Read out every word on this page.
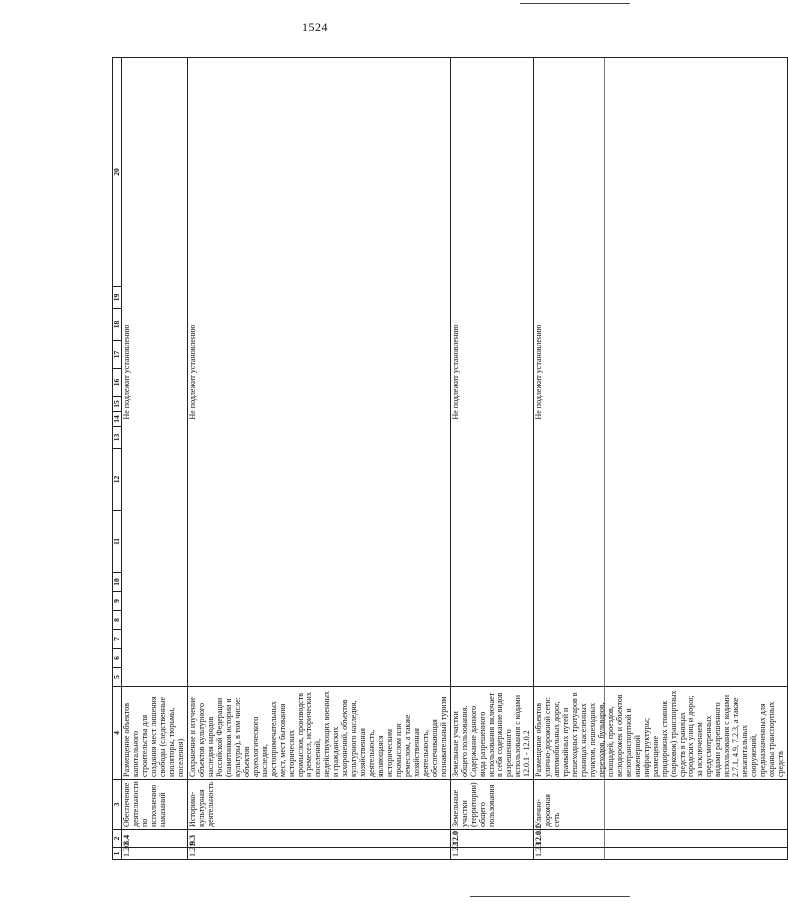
1524
1	2	3	4	5	6	7	8	9	10	11	12	13	14	15	16	17	18	19	20
1.20	8.4	Обеспечение деятельности по исполнению наказаний	Размещение объектов капитального строительства для создания мест лишения свободы (следственные изоляторы, тюрьмы, поселения)	Не подлежит установлению															

1.21	9.3	Историко-культурная деятельность	Сохранение и изучение объектов культурного наследия народов Российской Федерации (памятников истории и культуры), в том числе: объектов археологического наследия, достопримечательных мест, мест бытования исторических промыслов, производств и ремесел, исторических поселений, недействующих военных и гражданских захоронений, объектов культурного наследия, хозяйственная деятельность, являющаяся историческим промыслом или ремеслом, а также хозяйственная деятельность, обеспечивающая познавательный туризм	Не подлежит установлению															

1.22	12.0	Земельные участки (территории) общего пользования	Земельные участки общего пользования. Содержание данного вида разрешенного использования включает в себя содержание видов разрешенного использования с кодами 12.0.1 - 12.0.2	Не подлежит установлению															

1.23	12.0.1	Улично-дорожная сеть	Размещение объектов улично-дорожной сети: автомобильных дорог, трамвайных путей и пешеходных тротуаров в границах населенных пунктов, пешеходных переходов, бульваров, площадей, проездов, велодорожек и объектов велотранспортной и инженерной инфраструктуры; размещение придорожных стоянок (парковок) транспортных средств в границах городских улиц и дорог, за исключением предусмотренных видами разрешенного использования с кодами 2.7.1, 4.9, 7.2.3, а также некапитальных сооружений, предназначенных для охраны транспортных средств	Не подлежит установлению															
